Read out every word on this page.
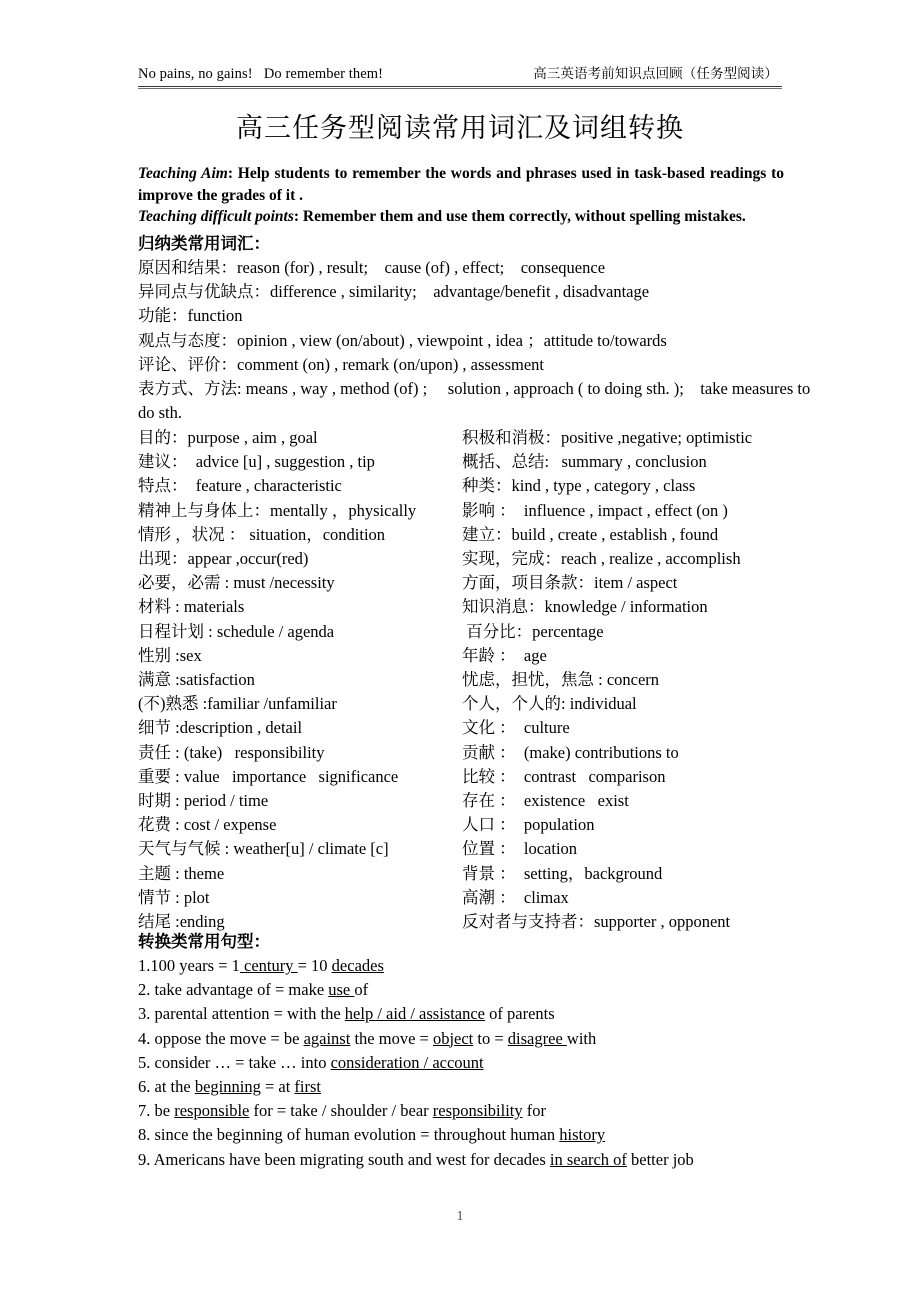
No pains, no gains!   Do remember them!	高三英语考前知识点回顾（任务型阅读）
高三任务型阅读常用词汇及词组转换
Teaching Aim: Help students to remember the words and phrases used in task-based readings to improve the grades of it .
Teaching difficult points: Remember them and use them correctly, without spelling mistakes.
归纳类常用词汇：
原因和结果：reason (for) , result;    cause (of) , effect;    consequence
异同点与优缺点：difference , similarity;    advantage/benefit , disadvantage
功能：function
观点与态度：opinion , view (on/about) , viewpoint , idea ；attitude to/towards
评论、评价：comment (on) , remark (on/upon) , assessment
表方式、方法: means , way , method (of) ;     solution , approach ( to doing sth. );    take measures to do sth.
目的：purpose , aim , goal
建议：  advice [u] , suggestion , tip
特点：  feature , characteristic
精神上与身体上：mentally ，physically
情形 ，状况 ： situation，condition
出现：appear ,occur(red)
必要，必需 : must /necessity
材料 : materials
日程计划 : schedule / agenda
性别 :sex
满意 :satisfaction
(不)熟悉 :familiar /unfamiliar
细节 :description , detail
责任 : (take)   responsibility
重要 : value   importance   significance
时期 : period / time
花费 : cost / expense
天气与气候 : weather[u] / climate [c]
主题 : theme
情节 : plot
结尾 :ending
积极和消极：positive ,negative; optimistic
概括、总结:   summary , conclusion
种类：kind , type , category , class
影响 ：  influence , impact , effect (on )
建立：build , create , establish , found
实现，完成：reach , realize , accomplish
方面，项目条款：item / aspect
知识消息：knowledge / information
百分比：percentage
年龄 ：  age
忧虑，担忧，焦急 : concern
个人，个人的: individual
文化 ：  culture
贡献 ：  (make) contributions to
比较 ：  contrast   comparison
存在 ：  existence   exist
人口 ：  population
位置 ：  location
背景 ：  setting，background
高潮 ：  climax
反对者与支持者：supporter , opponent
转换类常用句型：
1.100 years = 1 century = 10 decades
2. take advantage of = make use of
3. parental attention = with the help / aid / assistance of parents
4. oppose the move = be against the move = object to = disagree with
5. consider … = take … into consideration / account
6. at the beginning = at first
7. be responsible for = take / shoulder / bear responsibility for
8. since the beginning of human evolution = throughout human history
9. Americans have been migrating south and west for decades in search of better job
1
